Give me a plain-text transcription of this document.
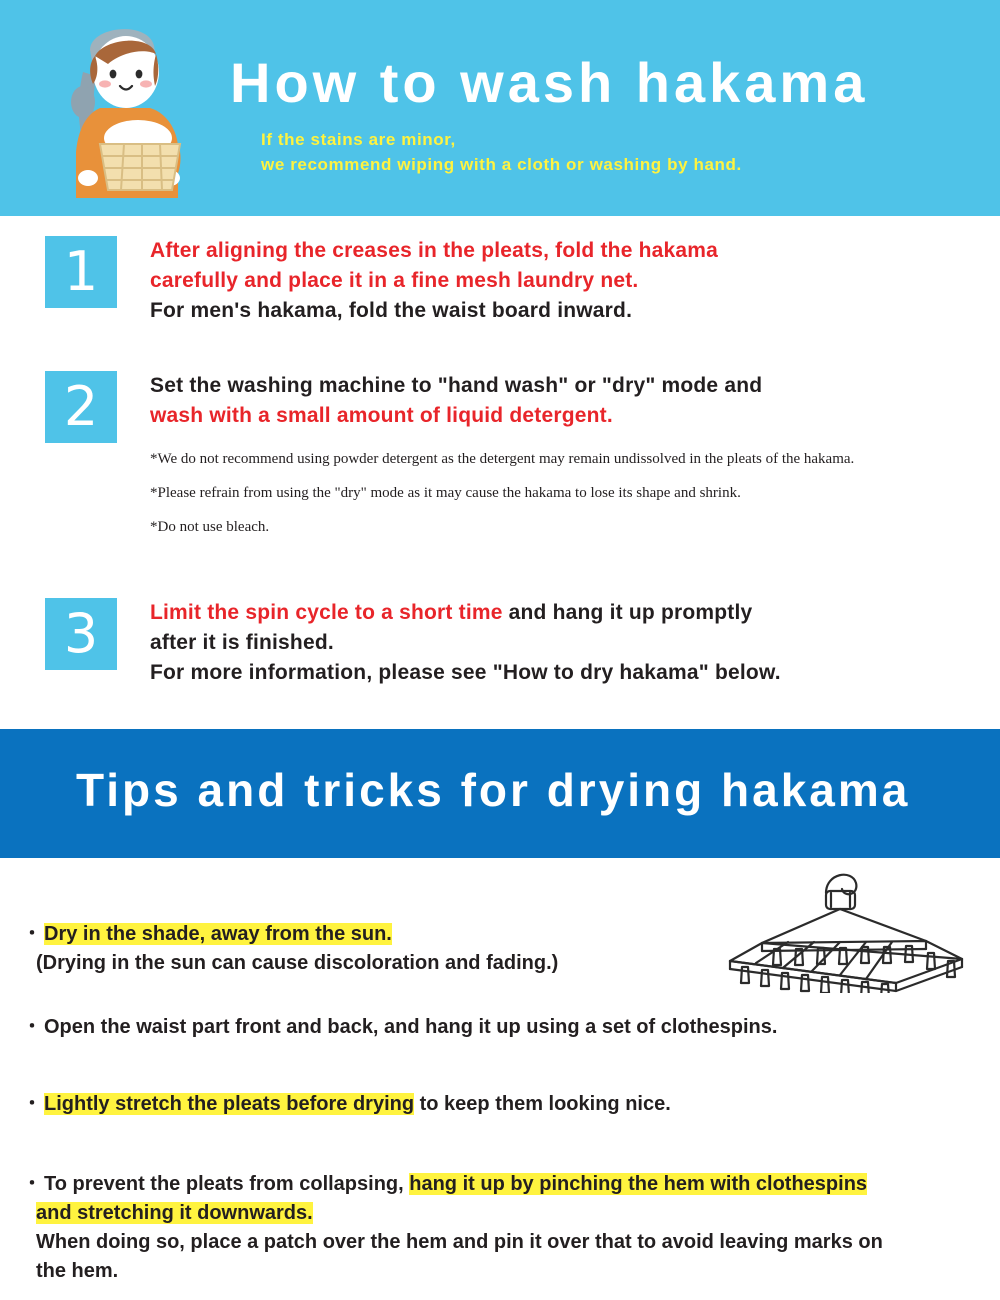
How to wash hakama
If the stains are minor,
we recommend wiping with a cloth or washing by hand.
1	After aligning the creases in the pleats, fold the hakama
carefully and place it in a fine mesh laundry net.
For men's hakama, fold the waist board inward.
2	Set the washing machine to "hand wash" or "dry" mode and
wash with a small amount of liquid detergent.
*We do not recommend using powder detergent as the detergent may remain undissolved in the pleats of the hakama.
*Please refrain from using the "dry" mode as it may cause the hakama to lose its shape and shrink.
*Do not use bleach.
3	Limit the spin cycle to a short time and hang it up promptly
after it is finished.
For more information, please see "How to dry hakama" below.
Tips and tricks for drying hakama
・ Dry in the shade, away from the sun.
(Drying in the sun can cause discoloration and fading.)
・ Open the waist part front and back, and hang it up using a set of clothespins.
・ Lightly stretch the pleats before drying to keep them looking nice.
・ To prevent the pleats from collapsing, hang it up by pinching the hem with clothespins
and stretching it downwards.
When doing so, place a patch over the hem and pin it over that to avoid leaving marks on
the hem.
